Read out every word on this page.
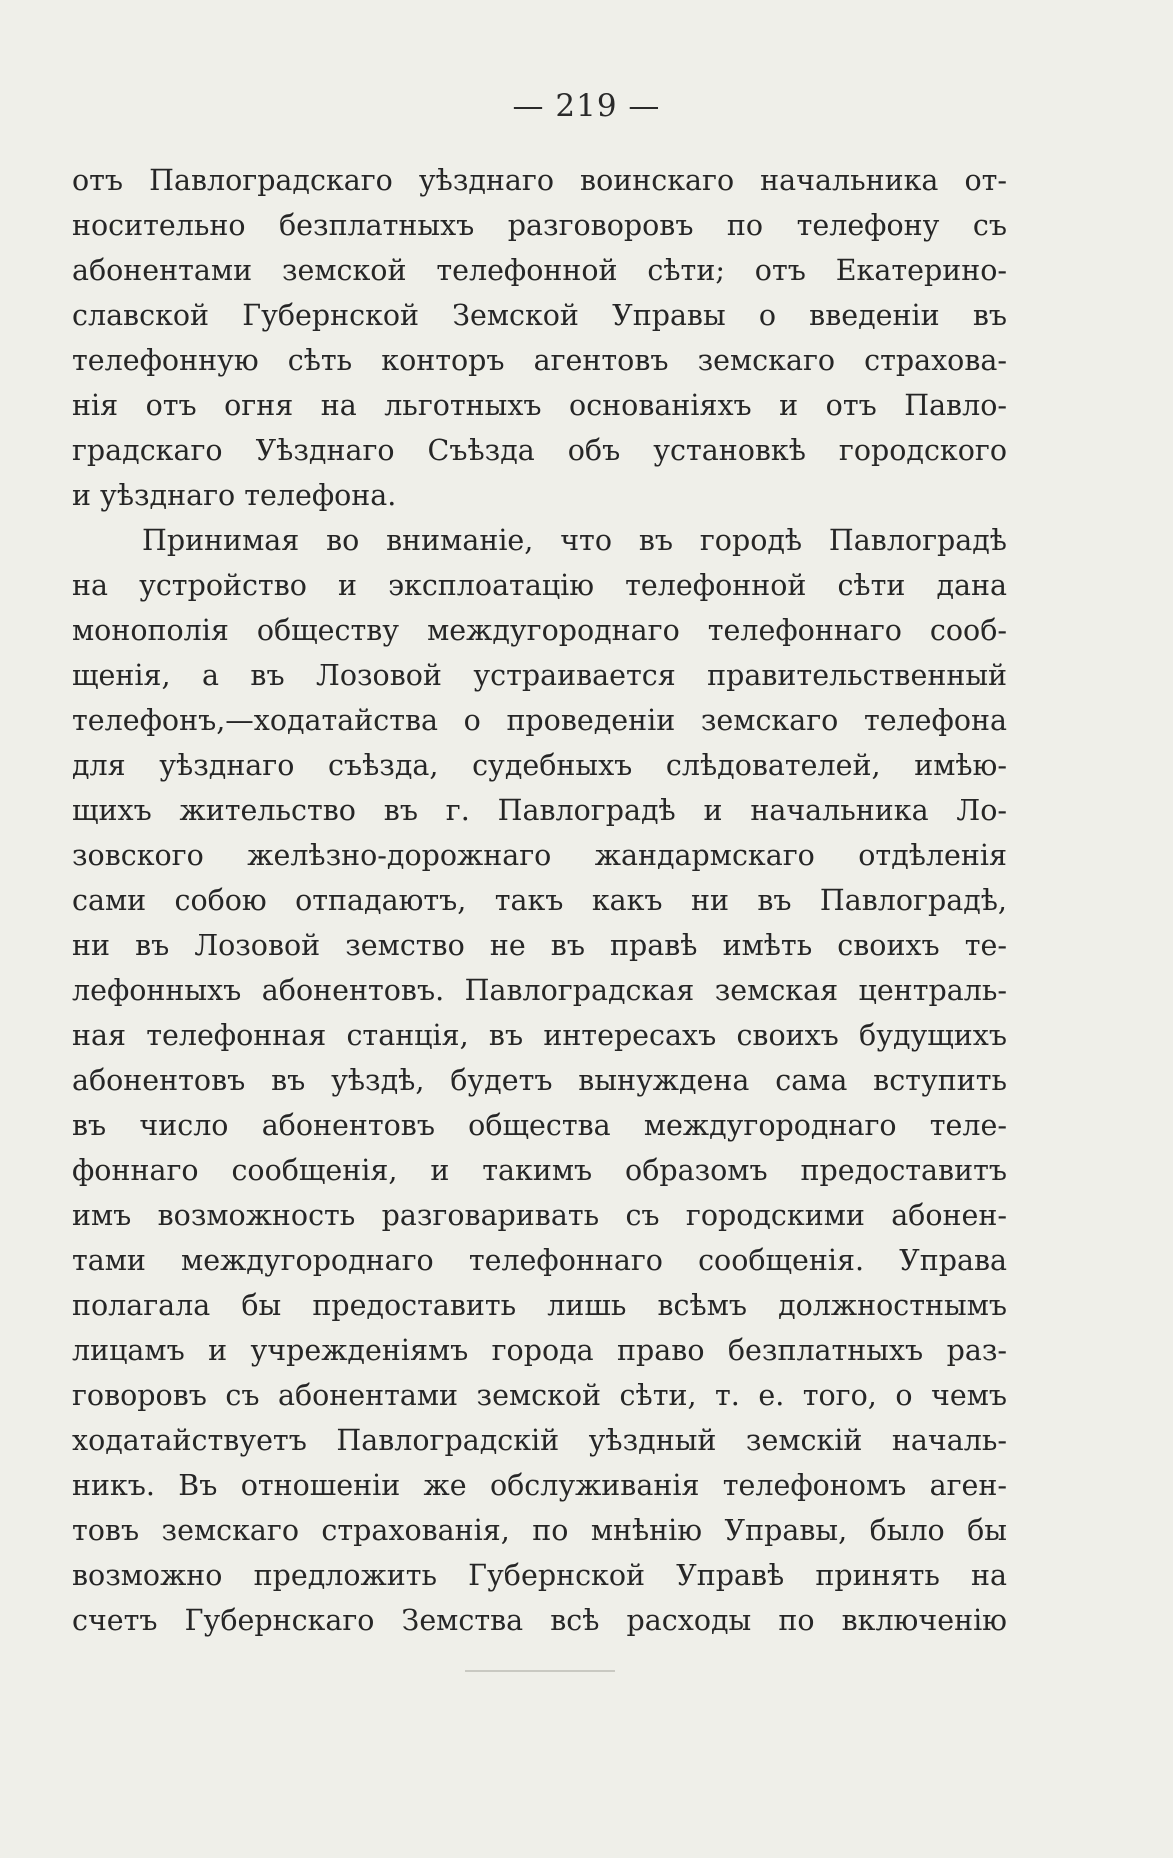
— 219 —
отъ Павлоградскаго уѣзднаго воинскаго начальника от-
носительно безплатныхъ разговоровъ по телефону съ
абонентами земской телефонной сѣти; отъ Екатерино-
славской Губернской Земской Управы о введенiи въ
телефонную сѣть конторъ агентовъ земскаго страхова-
нiя отъ огня на льготныхъ основанiяхъ и отъ Павло-
градскаго Уѣзднаго Съѣзда объ установкѣ городского
и уѣзднаго телефона.
Принимая во вниманiе, что въ городѣ Павлоградѣ
на устройство и эксплоатацiю телефонной сѣти дана
монополiя обществу междугороднаго телефоннаго сооб-
щенiя, а въ Лозовой устраивается правительственный
телефонъ,—ходатайства о проведенiи земскаго телефона
для уѣзднаго съѣзда, судебныхъ слѣдователей, имѣю-
щихъ жительство въ г. Павлоградѣ и начальника Ло-
зовского желѣзно-дорожнаго жандармскаго отдѣленiя
сами собою отпадаютъ, такъ какъ ни въ Павлоградѣ,
ни въ Лозовой земство не въ правѣ имѣть своихъ те-
лефонныхъ абонентовъ. Павлоградская земская централь-
ная телефонная станцiя, въ интересахъ своихъ будущихъ
абонентовъ въ уѣздѣ, будетъ вынуждена сама вступить
въ число абонентовъ общества междугороднаго теле-
фоннаго сообщенiя, и такимъ образомъ предоставитъ
имъ возможность разговаривать съ городскими абонен-
тами междугороднаго телефоннаго сообщенiя. Управа
полагала бы предоставить лишь всѣмъ должностнымъ
лицамъ и учрежденiямъ города право безплатныхъ раз-
говоровъ съ абонентами земской сѣти, т. е. того, о чемъ
ходатайствуетъ Павлоградскiй уѣздный земскiй началь-
никъ. Въ отношенiи же обслуживанiя телефономъ аген-
товъ земскаго страхованiя, по мнѣнiю Управы, было бы
возможно предложить Губернской Управѣ принять на
счетъ Губернскаго Земства всѣ расходы по включенiю
